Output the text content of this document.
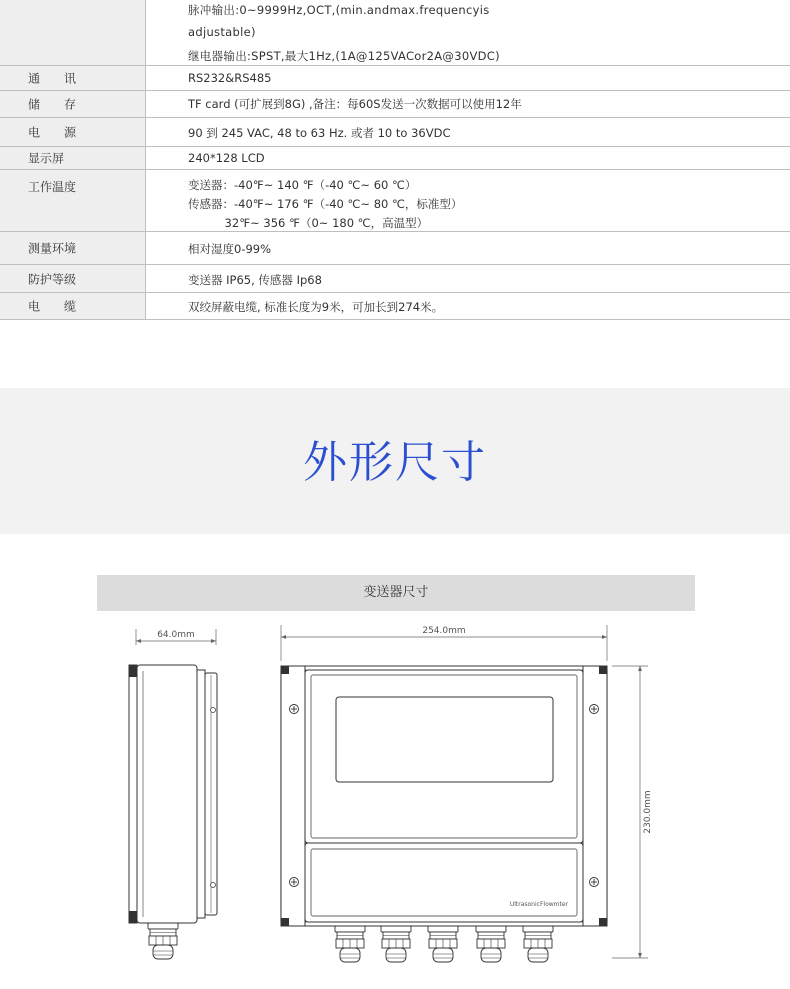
脉冲输出:0~9999Hz,OCT,(min.andmax.frequencyis
adjustable)
继电器输出:SPST,最大1Hz,(1A@125VACor2A@30VDC)
通　　讯	RS232&RS485
储　　存	TF card (可扩展到8G) ,备注：每60S发送一次数据可以使用12年
电　　源	90 到 245 VAC, 48 to 63 Hz. 或者 10 to 36VDC
显示屏	240*128 LCD
工作温度	变送器：-40℉~ 140 ℉（-40 ℃~ 60 ℃）
传感器：-40℉~ 176 ℉（-40 ℃~ 80 ℃，标准型）
32℉~ 356 ℉（0~ 180 ℃，高温型）
测量环境	相对湿度0-99%
防护等级	变送器 IP65, 传感器 Ip68
电　　缆	双绞屏蔽电缆, 标准长度为9米，可加长到274米。
外形尺寸
变送器尺寸
64.0mm	254.0mm
230.0mm
UltrasonicFlowmter
